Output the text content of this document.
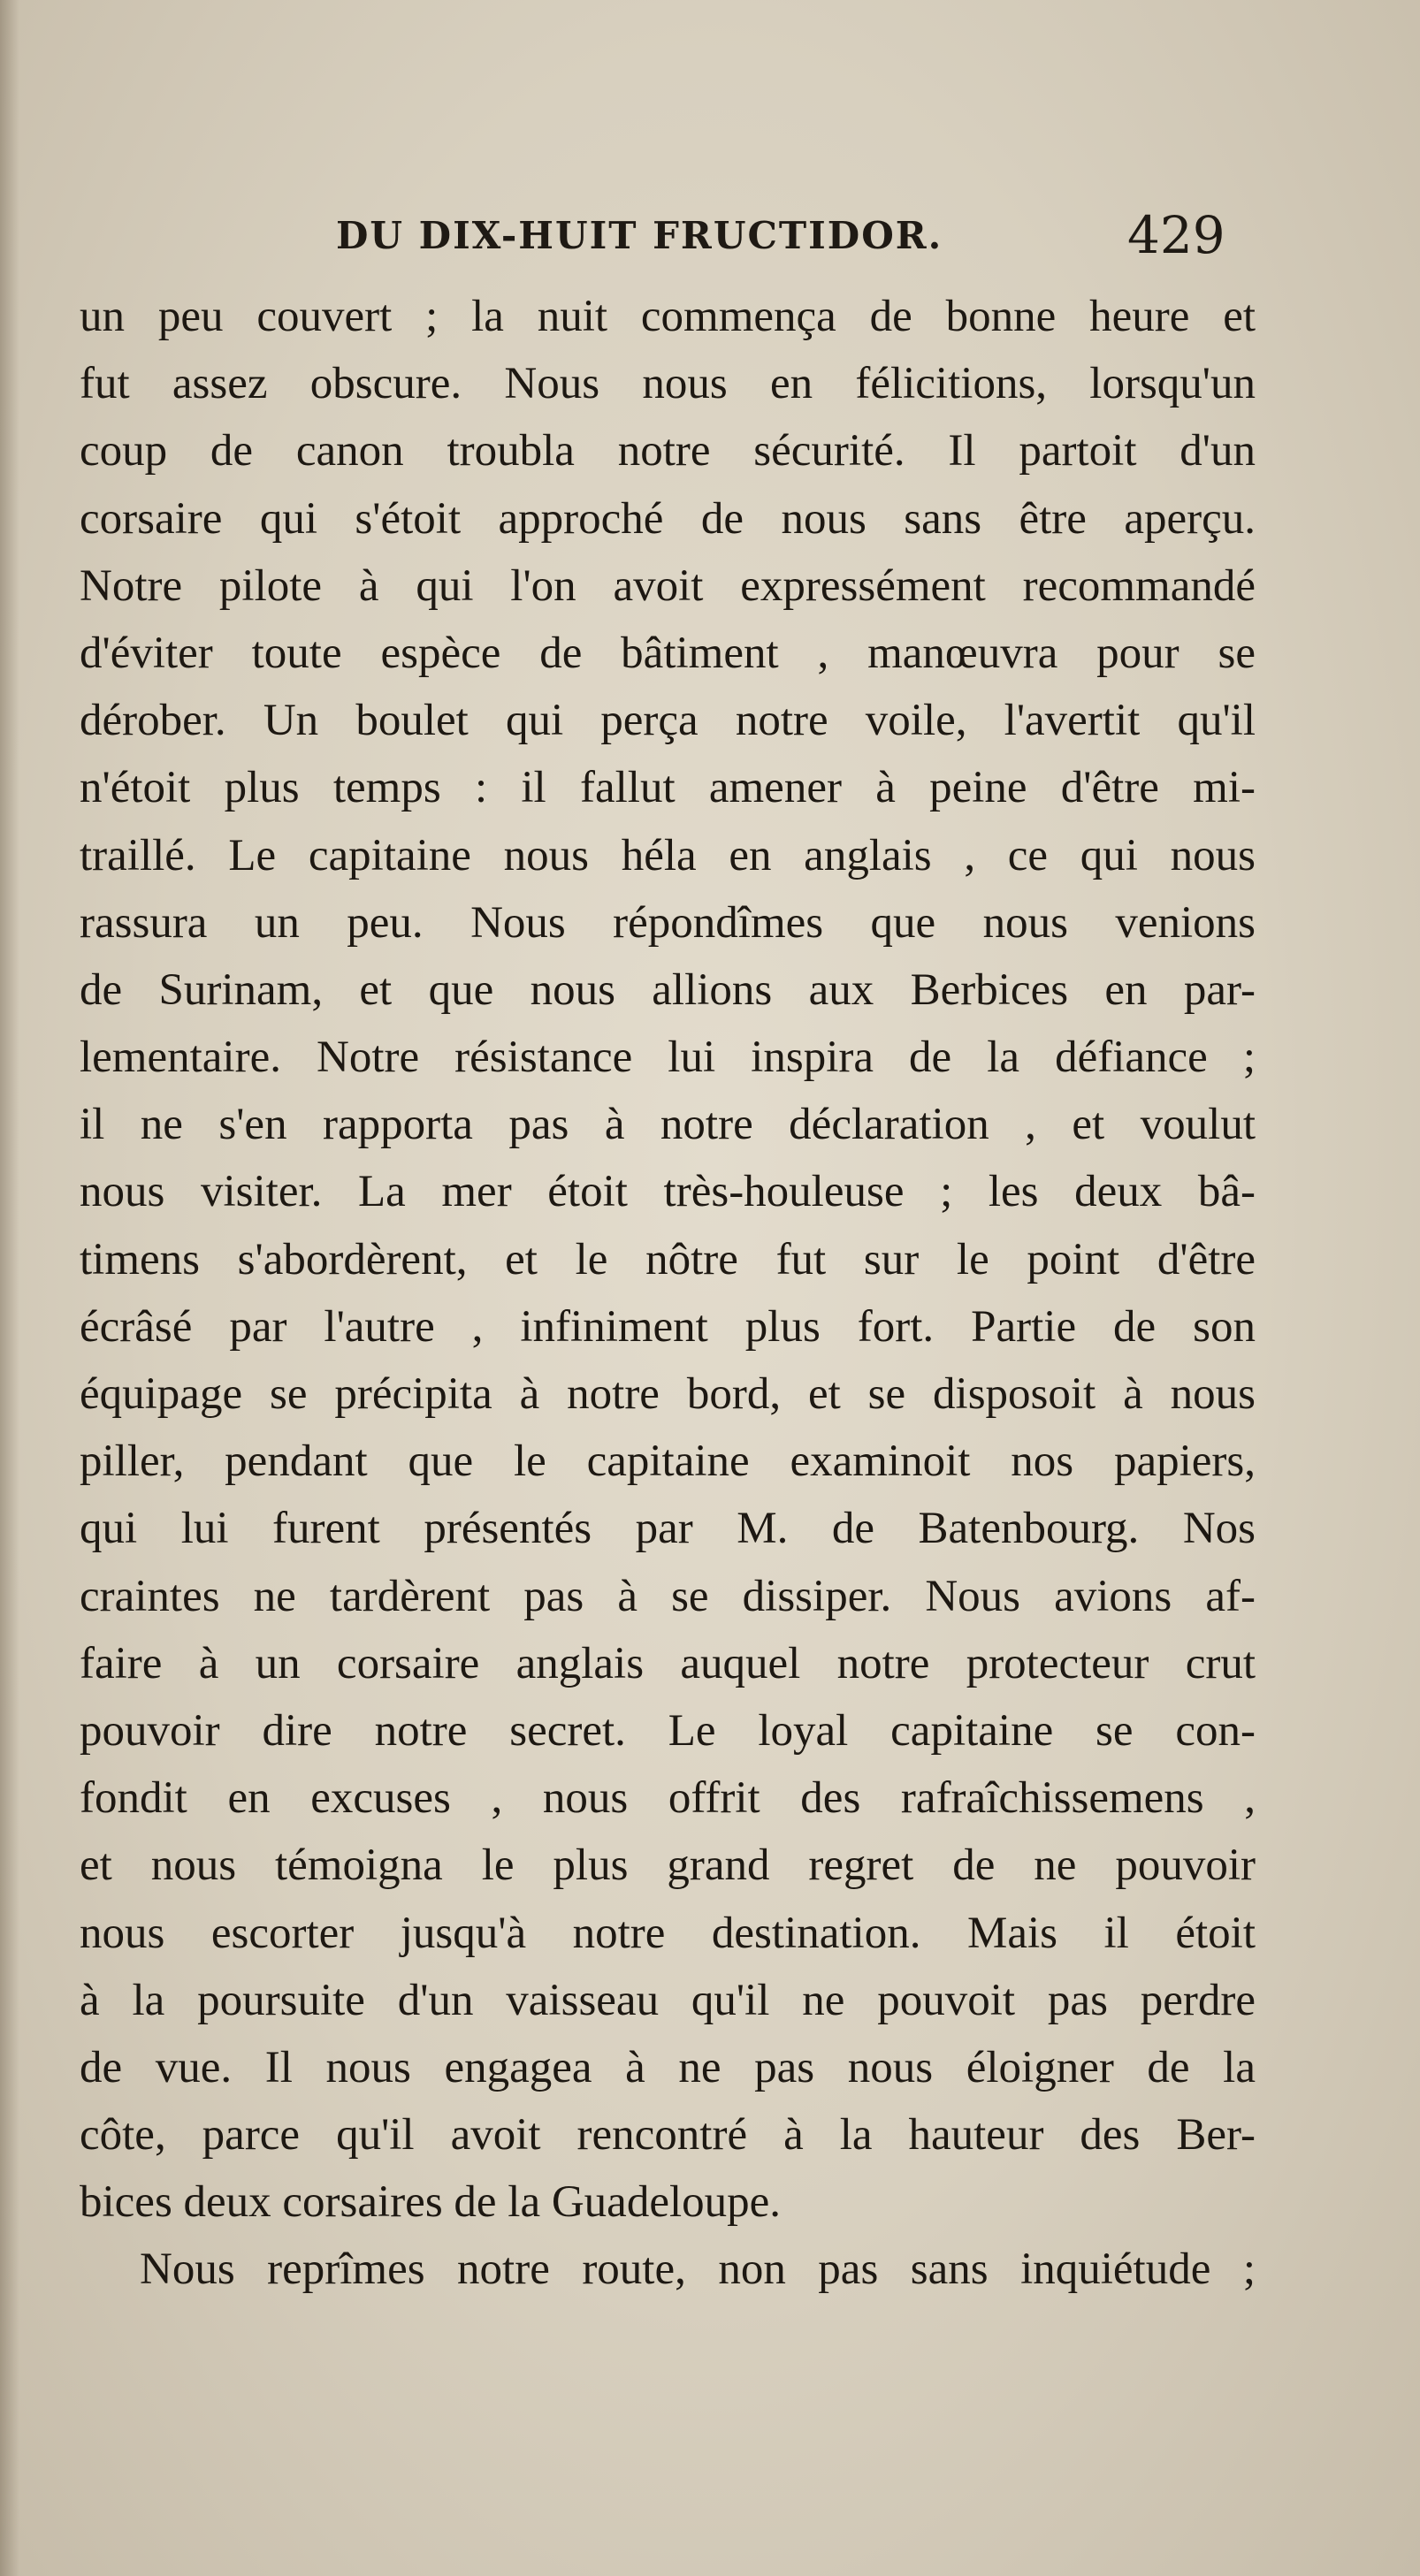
DU DIX-HUIT FRUCTIDOR.	429
un peu couvert ; la nuit commença de bonne heure et
fut assez obscure. Nous nous en félicitions, lorsqu'un
coup de canon troubla notre sécurité. Il partoit d'un
corsaire qui s'étoit approché de nous sans être aperçu.
Notre pilote à qui l'on avoit expressément recommandé
d'éviter toute espèce de bâtiment , manœuvra pour se
dérober. Un boulet qui perça notre voile, l'avertit qu'il
n'étoit plus temps : il fallut amener à peine d'être mi-
traillé. Le capitaine nous héla en anglais , ce qui nous
rassura un peu. Nous répondîmes que nous venions
de Surinam, et que nous allions aux Berbices en par-
lementaire. Notre résistance lui inspira de la défiance ;
il ne s'en rapporta pas à notre déclaration , et voulut
nous visiter. La mer étoit très-houleuse ; les deux bâ-
timens s'abordèrent, et le nôtre fut sur le point d'être
écrâsé par l'autre , infiniment plus fort. Partie de son
équipage se précipita à notre bord, et se disposoit à nous
piller, pendant que le capitaine examinoit nos papiers,
qui lui furent présentés par M. de Batenbourg. Nos
craintes ne tardèrent pas à se dissiper. Nous avions af-
faire à un corsaire anglais auquel notre protecteur crut
pouvoir dire notre secret. Le loyal capitaine se con-
fondit en excuses , nous offrit des rafraîchissemens ,
et nous témoigna le plus grand regret de ne pouvoir
nous escorter jusqu'à notre destination. Mais il étoit
à la poursuite d'un vaisseau qu'il ne pouvoit pas perdre
de vue. Il nous engagea à ne pas nous éloigner de la
côte, parce qu'il avoit rencontré à la hauteur des Ber-
bices deux corsaires de la Guadeloupe.
Nous reprîmes notre route, non pas sans inquiétude ;
